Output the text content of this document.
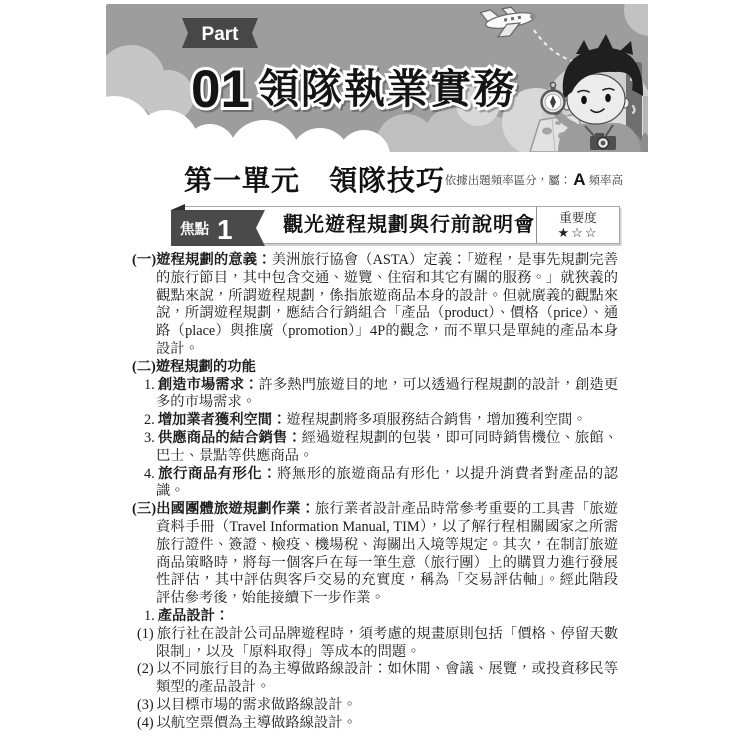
Part
01 領隊執業實務
第一單元　領隊技巧 依據出題頻率區分，屬： A 頻率高
焦點 1	觀光遊程規劃與行前說明會 重要度
★☆☆

(一)遊程規劃的意義：美洲旅行協會（ASTA）定義：「遊程，是事先規劃完善的旅行節目，其中包含交通、遊覽、住宿和其它有關的服務。」就狹義的觀點來說，所謂遊程規劃，係指旅遊商品本身的設計。但就廣義的觀點來說，所謂遊程規劃，應結合行銷組合「產品（product）、價格（price）、通路（place）與推廣（promotion）」4P的觀念，而不單只是單純的產品本身設計。

(二)遊程規劃的功能

1. 創造市場需求：許多熱門旅遊目的地，可以透過行程規劃的設計，創造更多的市場需求。
2. 增加業者獲利空間：遊程規劃將多項服務結合銷售，增加獲利空間。
3. 供應商品的結合銷售：經過遊程規劃的包裝，即可同時銷售機位、旅館、巴士、景點等供應商品。
4. 旅行商品有形化：將無形的旅遊商品有形化，以提升消費者對產品的認識。

(三)出國團體旅遊規劃作業：旅行業者設計產品時常參考重要的工具書「旅遊資料手冊（Travel Information Manual, TIM），以了解行程相關國家之所需旅行證件、簽證、檢疫、機場稅、海關出入境等規定。其次，在制訂旅遊商品策略時，將每一個客戶在每一筆生意（旅行團）上的購買力進行發展性評估，其中評估與客戶交易的充實度，稱為「交易評估軸」。經此階段評估參考後，始能接續下一步作業。

1. 產品設計：
(1) 旅行社在設計公司品牌遊程時，須考慮的規畫原則包括「價格、停留天數限制」，以及「原料取得」等成本的問題。
(2) 以不同旅行目的為主導做路線設計：如休閒、會議、展覽，或投資移民等類型的產品設計。
(3) 以目標市場的需求做路線設計。
(4) 以航空票價為主導做路線設計。
